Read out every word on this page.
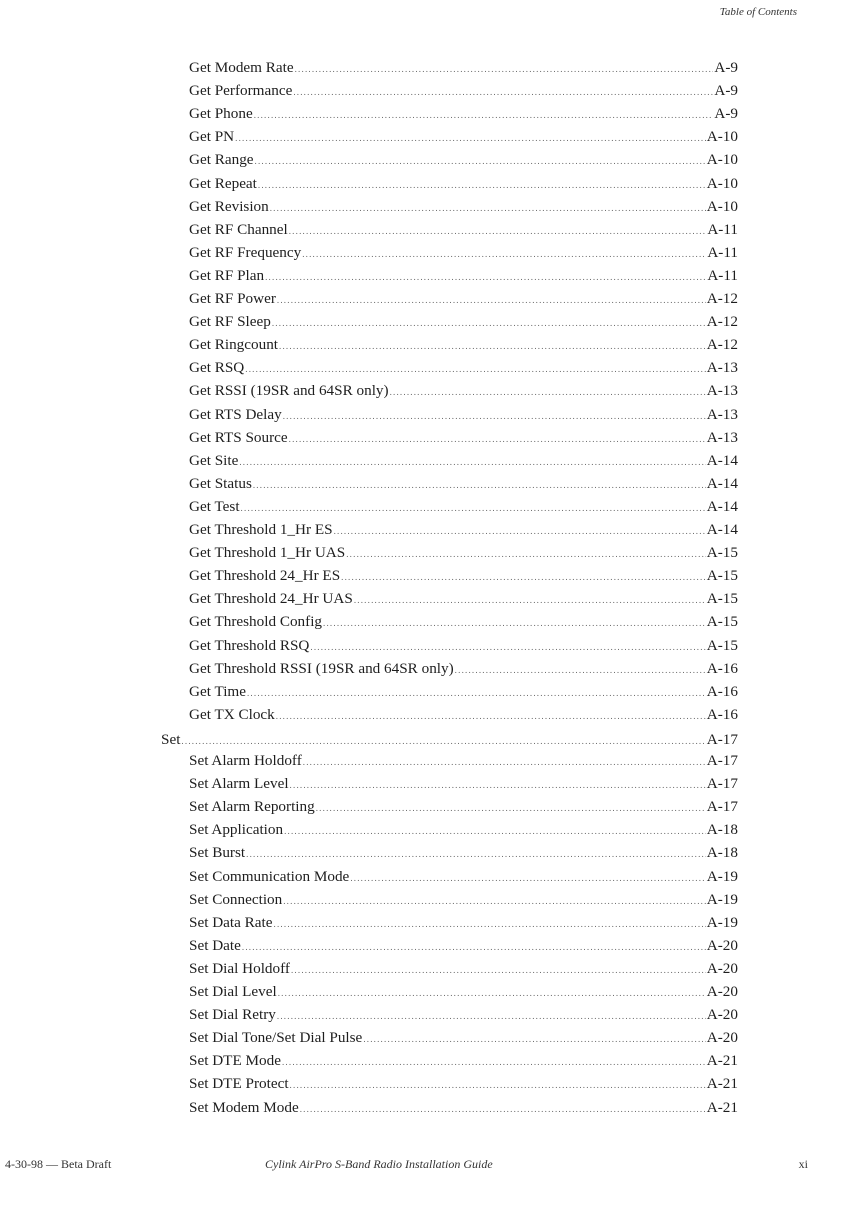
Table of Contents
Get Modem Rate .....	A-9
Get Performance .....	A-9
Get Phone .....	A-9
Get PN .....	A-10
Get Range .....	A-10
Get Repeat .....	A-10
Get Revision .....	A-10
Get RF Channel .....	A-11
Get RF Frequency .....	A-11
Get RF Plan .....	A-11
Get RF Power .....	A-12
Get RF Sleep .....	A-12
Get Ringcount .....	A-12
Get RSQ .....	A-13
Get RSSI (19SR and 64SR only) .....	A-13
Get RTS Delay .....	A-13
Get RTS Source .....	A-13
Get Site .....	A-14
Get Status .....	A-14
Get Test .....	A-14
Get Threshold 1_Hr ES .....	A-14
Get Threshold 1_Hr UAS .....	A-15
Get Threshold 24_Hr ES .....	A-15
Get Threshold 24_Hr UAS .....	A-15
Get Threshold Config .....	A-15
Get Threshold RSQ .....	A-15
Get Threshold RSSI (19SR and 64SR only) .....	A-16
Get Time .....	A-16
Get TX Clock .....	A-16
Set .....	A-17
Set Alarm Holdoff .....	A-17
Set Alarm Level .....	A-17
Set Alarm Reporting .....	A-17
Set Application .....	A-18
Set Burst .....	A-18
Set Communication Mode .....	A-19
Set Connection .....	A-19
Set Data Rate .....	A-19
Set Date .....	A-20
Set Dial Holdoff .....	A-20
Set Dial Level .....	A-20
Set Dial Retry .....	A-20
Set Dial Tone/Set Dial Pulse .....	A-20
Set DTE Mode .....	A-21
Set DTE Protect .....	A-21
Set Modem Mode .....	A-21
4-30-98 — Beta Draft	Cylink AirPro S-Band Radio Installation Guide	xi
